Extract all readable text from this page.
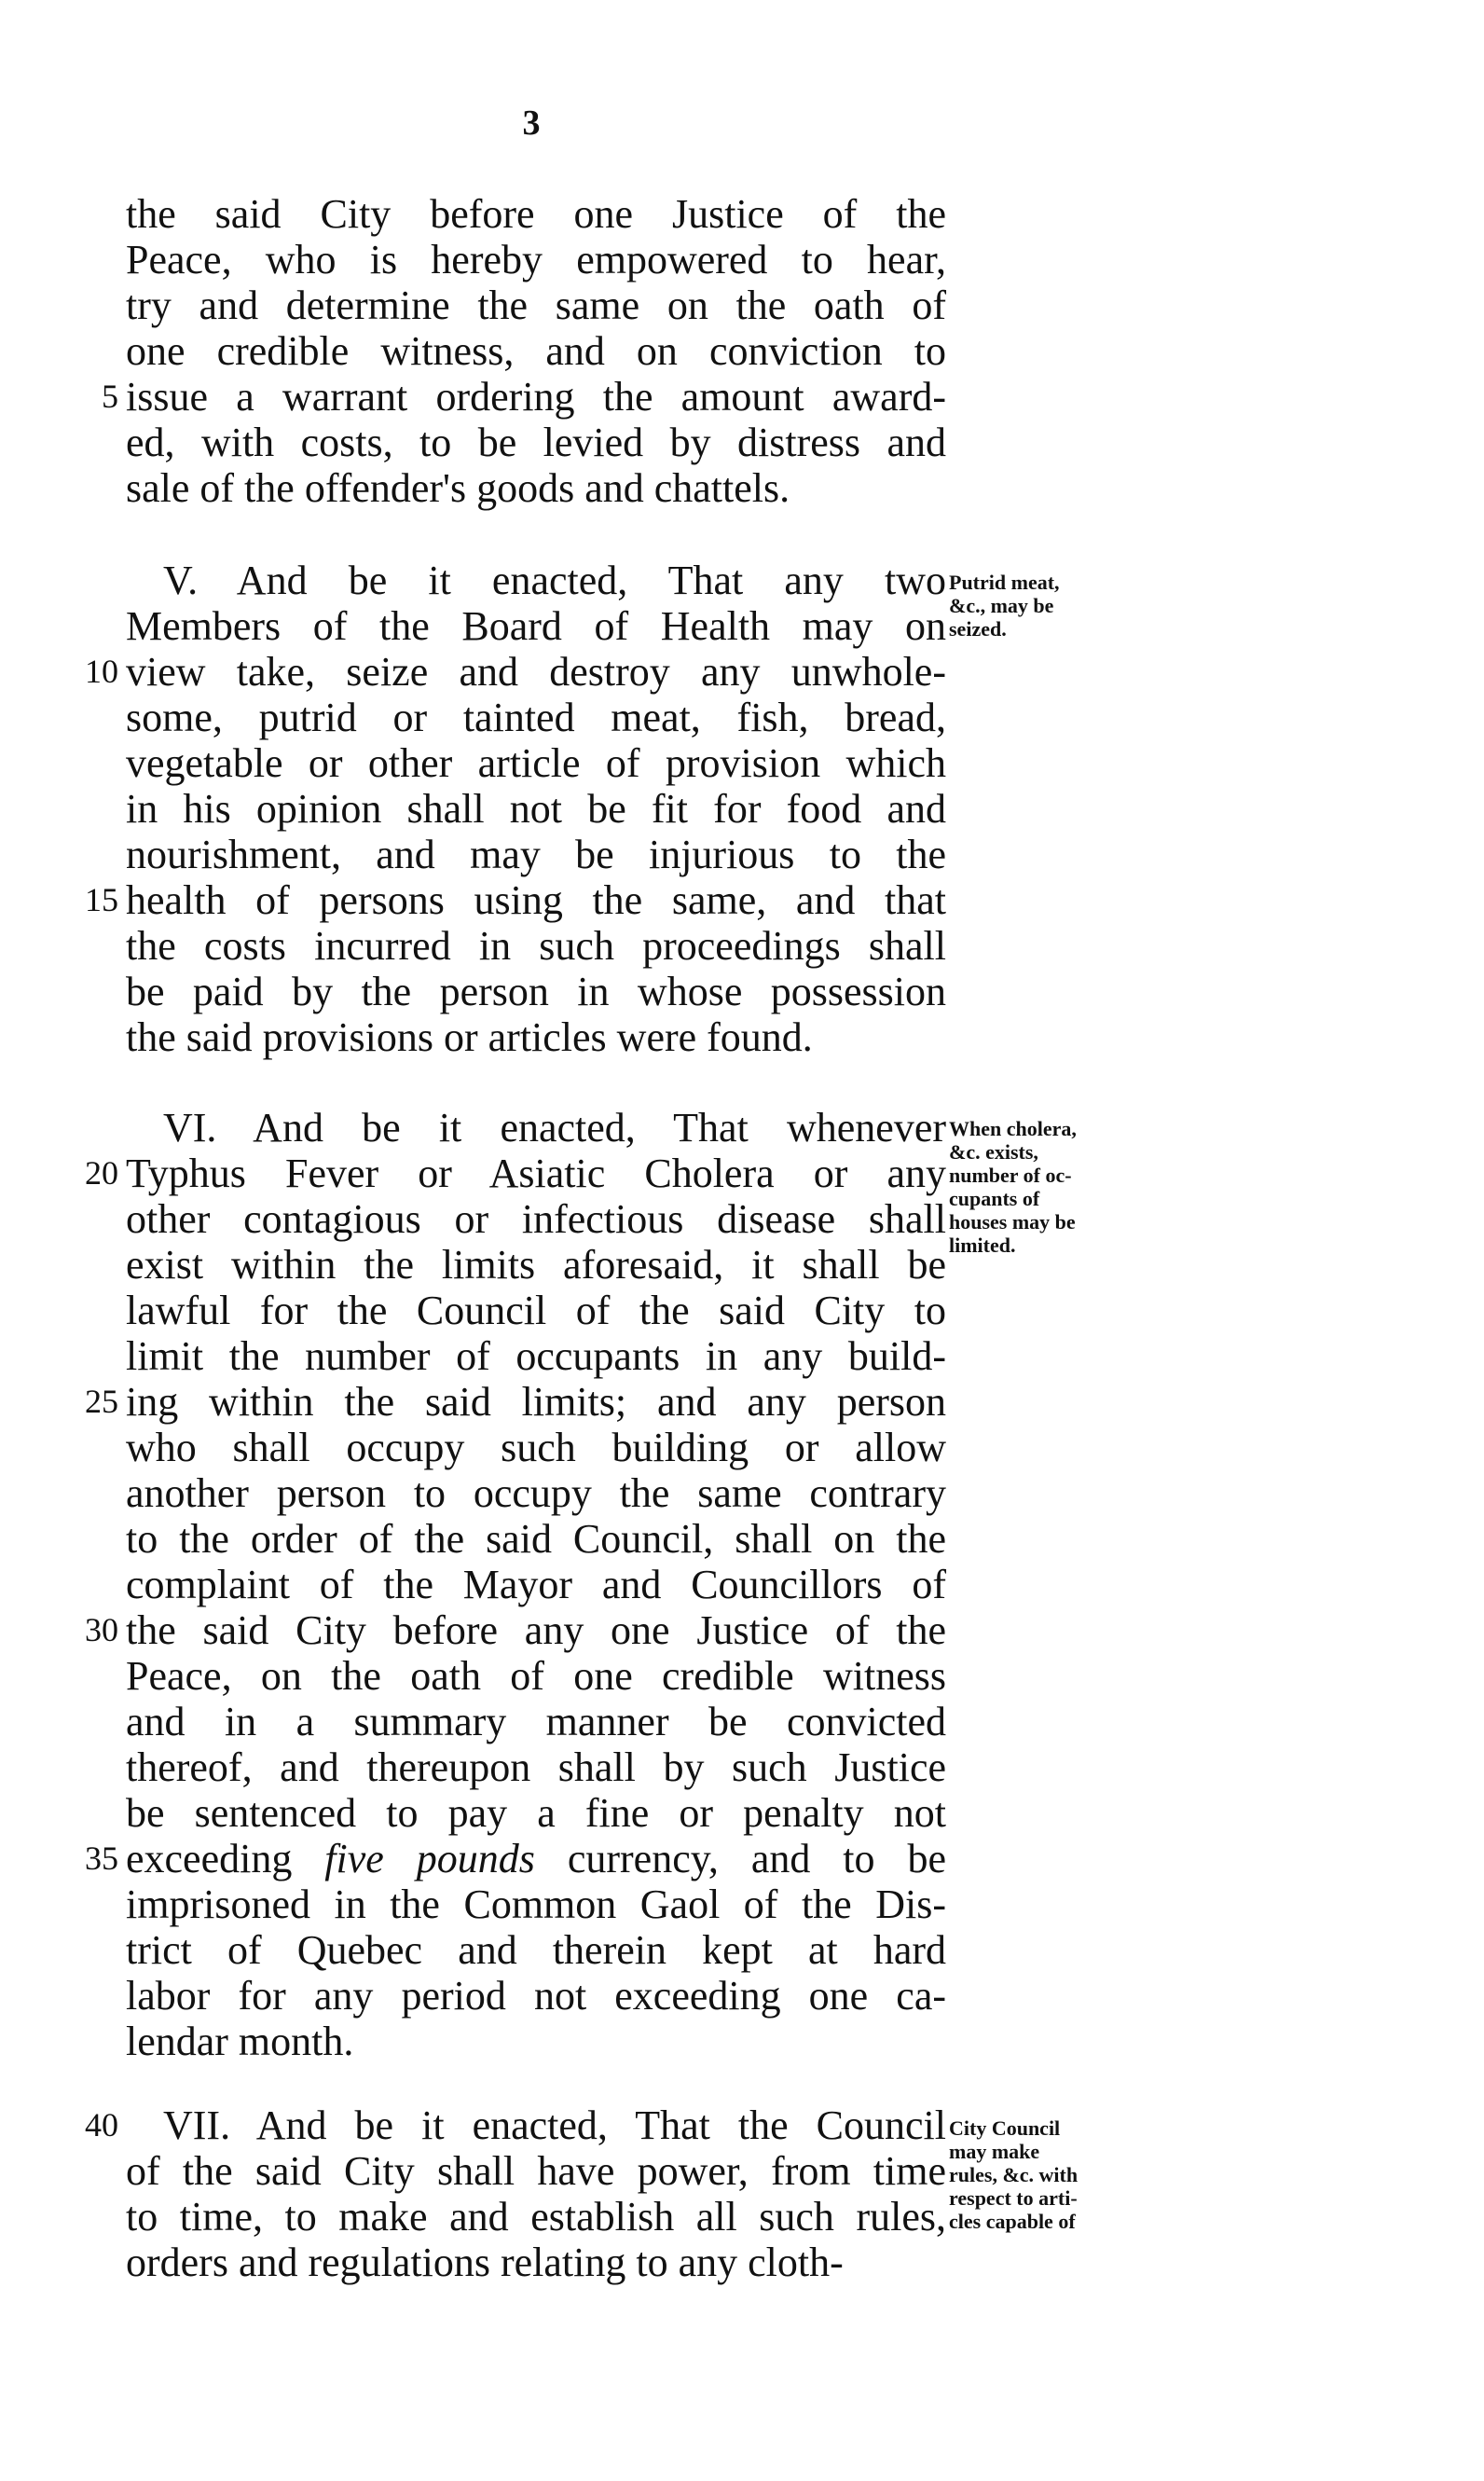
3
the said City before one Justice of the
Peace, who is hereby empowered to hear,
try and determine the same on the oath of
one credible witness, and on conviction to
issue a warrant ordering the amount award-
ed, with costs, to be levied by distress and
sale of the offender's goods and chattels.
V. And be it enacted, That any two
Members of the Board of Health may on
view take, seize and destroy any unwhole-
some, putrid or tainted meat, fish, bread,
vegetable or other article of provision which
in his opinion shall not be fit for food and
nourishment, and may be injurious to the
health of persons using the same, and that
the costs incurred in such proceedings shall
be paid by the person in whose possession
the said provisions or articles were found.
VI. And be it enacted, That whenever
Typhus Fever or Asiatic Cholera or any
other contagious or infectious disease shall
exist within the limits aforesaid, it shall be
lawful for the Council of the said City to
limit the number of occupants in any build-
ing within the said limits; and any person
who shall occupy such building or allow
another person to occupy the same contrary
to the order of the said Council, shall on the
complaint of the Mayor and Councillors of
the said City before any one Justice of the
Peace, on the oath of one credible witness
and in a summary manner be convicted
thereof, and thereupon shall by such Justice
be sentenced to pay a fine or penalty not
exceeding five pounds currency, and to be
imprisoned in the Common Gaol of the Dis-
trict of Quebec and therein kept at hard
labor for any period not exceeding one ca-
lendar month.
VII. And be it enacted, That the Council
of the said City shall have power, from time
to time, to make and establish all such rules,
orders and regulations relating to any cloth-
Putrid meat,
&c., may be
seized.
When cholera,
&c. exists,
number of oc-
cupants of
houses may be
limited.
City Council
may make
rules, &c. with
respect to arti-
cles capable of
5
10
15
20
25
30
35
40
